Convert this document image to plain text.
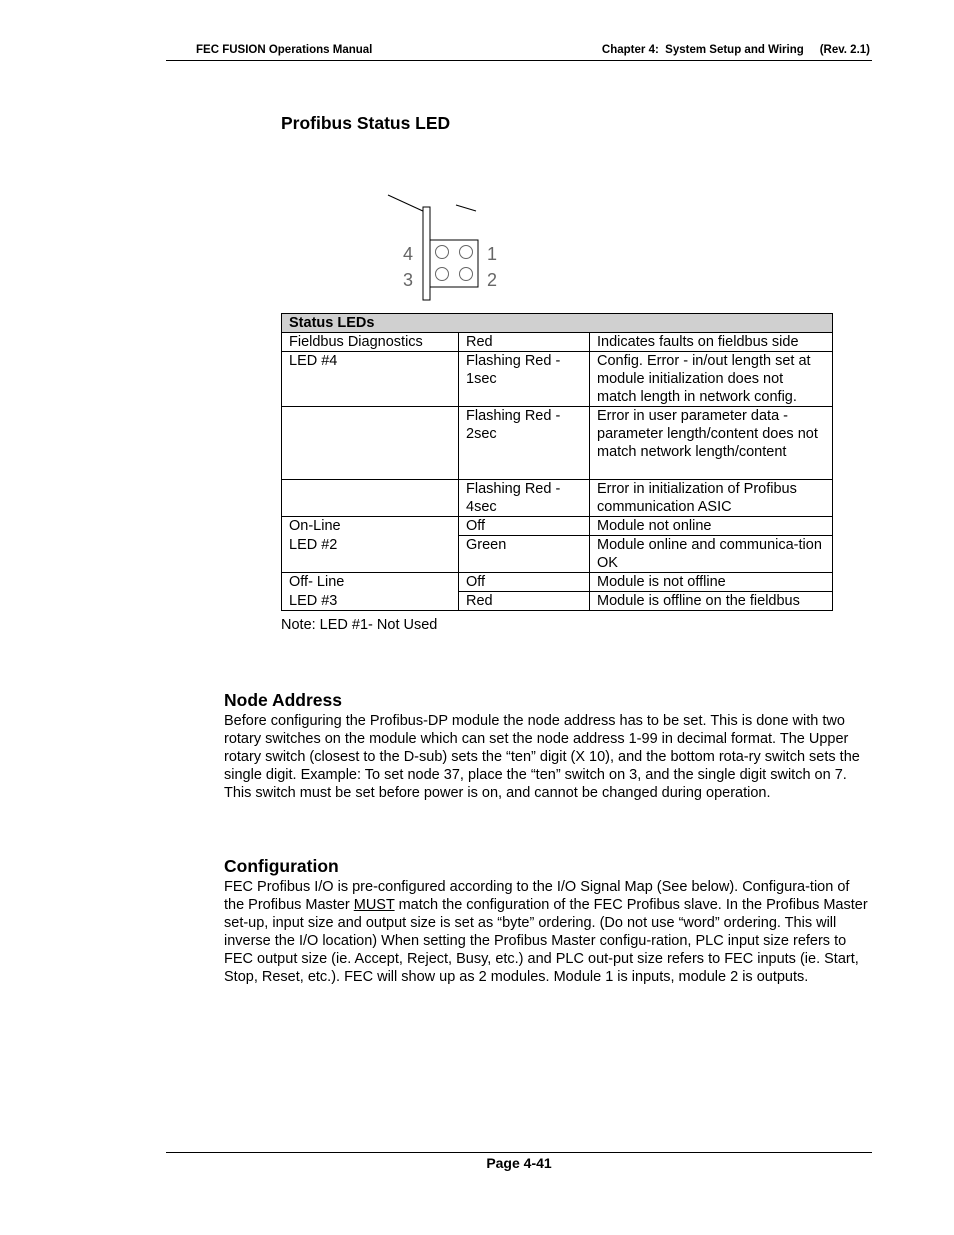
FEC FUSION Operations Manual	Chapter 4:  System Setup and Wiring     (Rev. 2.1)
Profibus Status LED
4	1
3	2
Status LEDs		
Fieldbus Diagnostics	Red	Indicates faults on fieldbus side
LED #4	Flashing Red - 1sec	Config. Error - in/out length set at module initialization does not match length in network config.
	Flashing Red - 2sec	Error in user parameter data - parameter length/content does not match network length/content
	Flashing Red - 4sec	Error in initialization of Profibus communication ASIC
On-Line	Off	Module not online
LED #2	Green	Module online and communica-tion OK
Off- Line	Off	Module is not offline
LED #3	Red	Module is offline on the fieldbus
Note: LED #1- Not Used
Node Address

Before configuring the Profibus-DP module the node address has to be set. This is done with two rotary switches on the module which can set the node address 1-99 in decimal format. The Upper rotary switch (closest to the D-sub) sets the “ten” digit (X 10), and the bottom rota-ry switch sets the single digit. Example: To set node 37, place the “ten” switch on 3, and the single digit switch on 7.
This switch must be set before power is on, and cannot be changed during operation.

Configuration

FEC Profibus I/O is pre-configured according to the I/O Signal Map (See below). Configura-tion of the Profibus Master MUST match the configuration of the FEC Profibus slave. In the Profibus Master set-up, input size and output size is set as “byte” ordering. (Do not use “word” ordering. This will inverse the I/O location) When setting the Profibus Master configu-ration, PLC input size refers to FEC output size (ie. Accept, Reject, Busy, etc.) and PLC out-put size refers to FEC inputs (ie. Start, Stop, Reset, etc.). FEC will show up as 2 modules. Module 1 is inputs, module 2 is outputs.

Page 4-41
